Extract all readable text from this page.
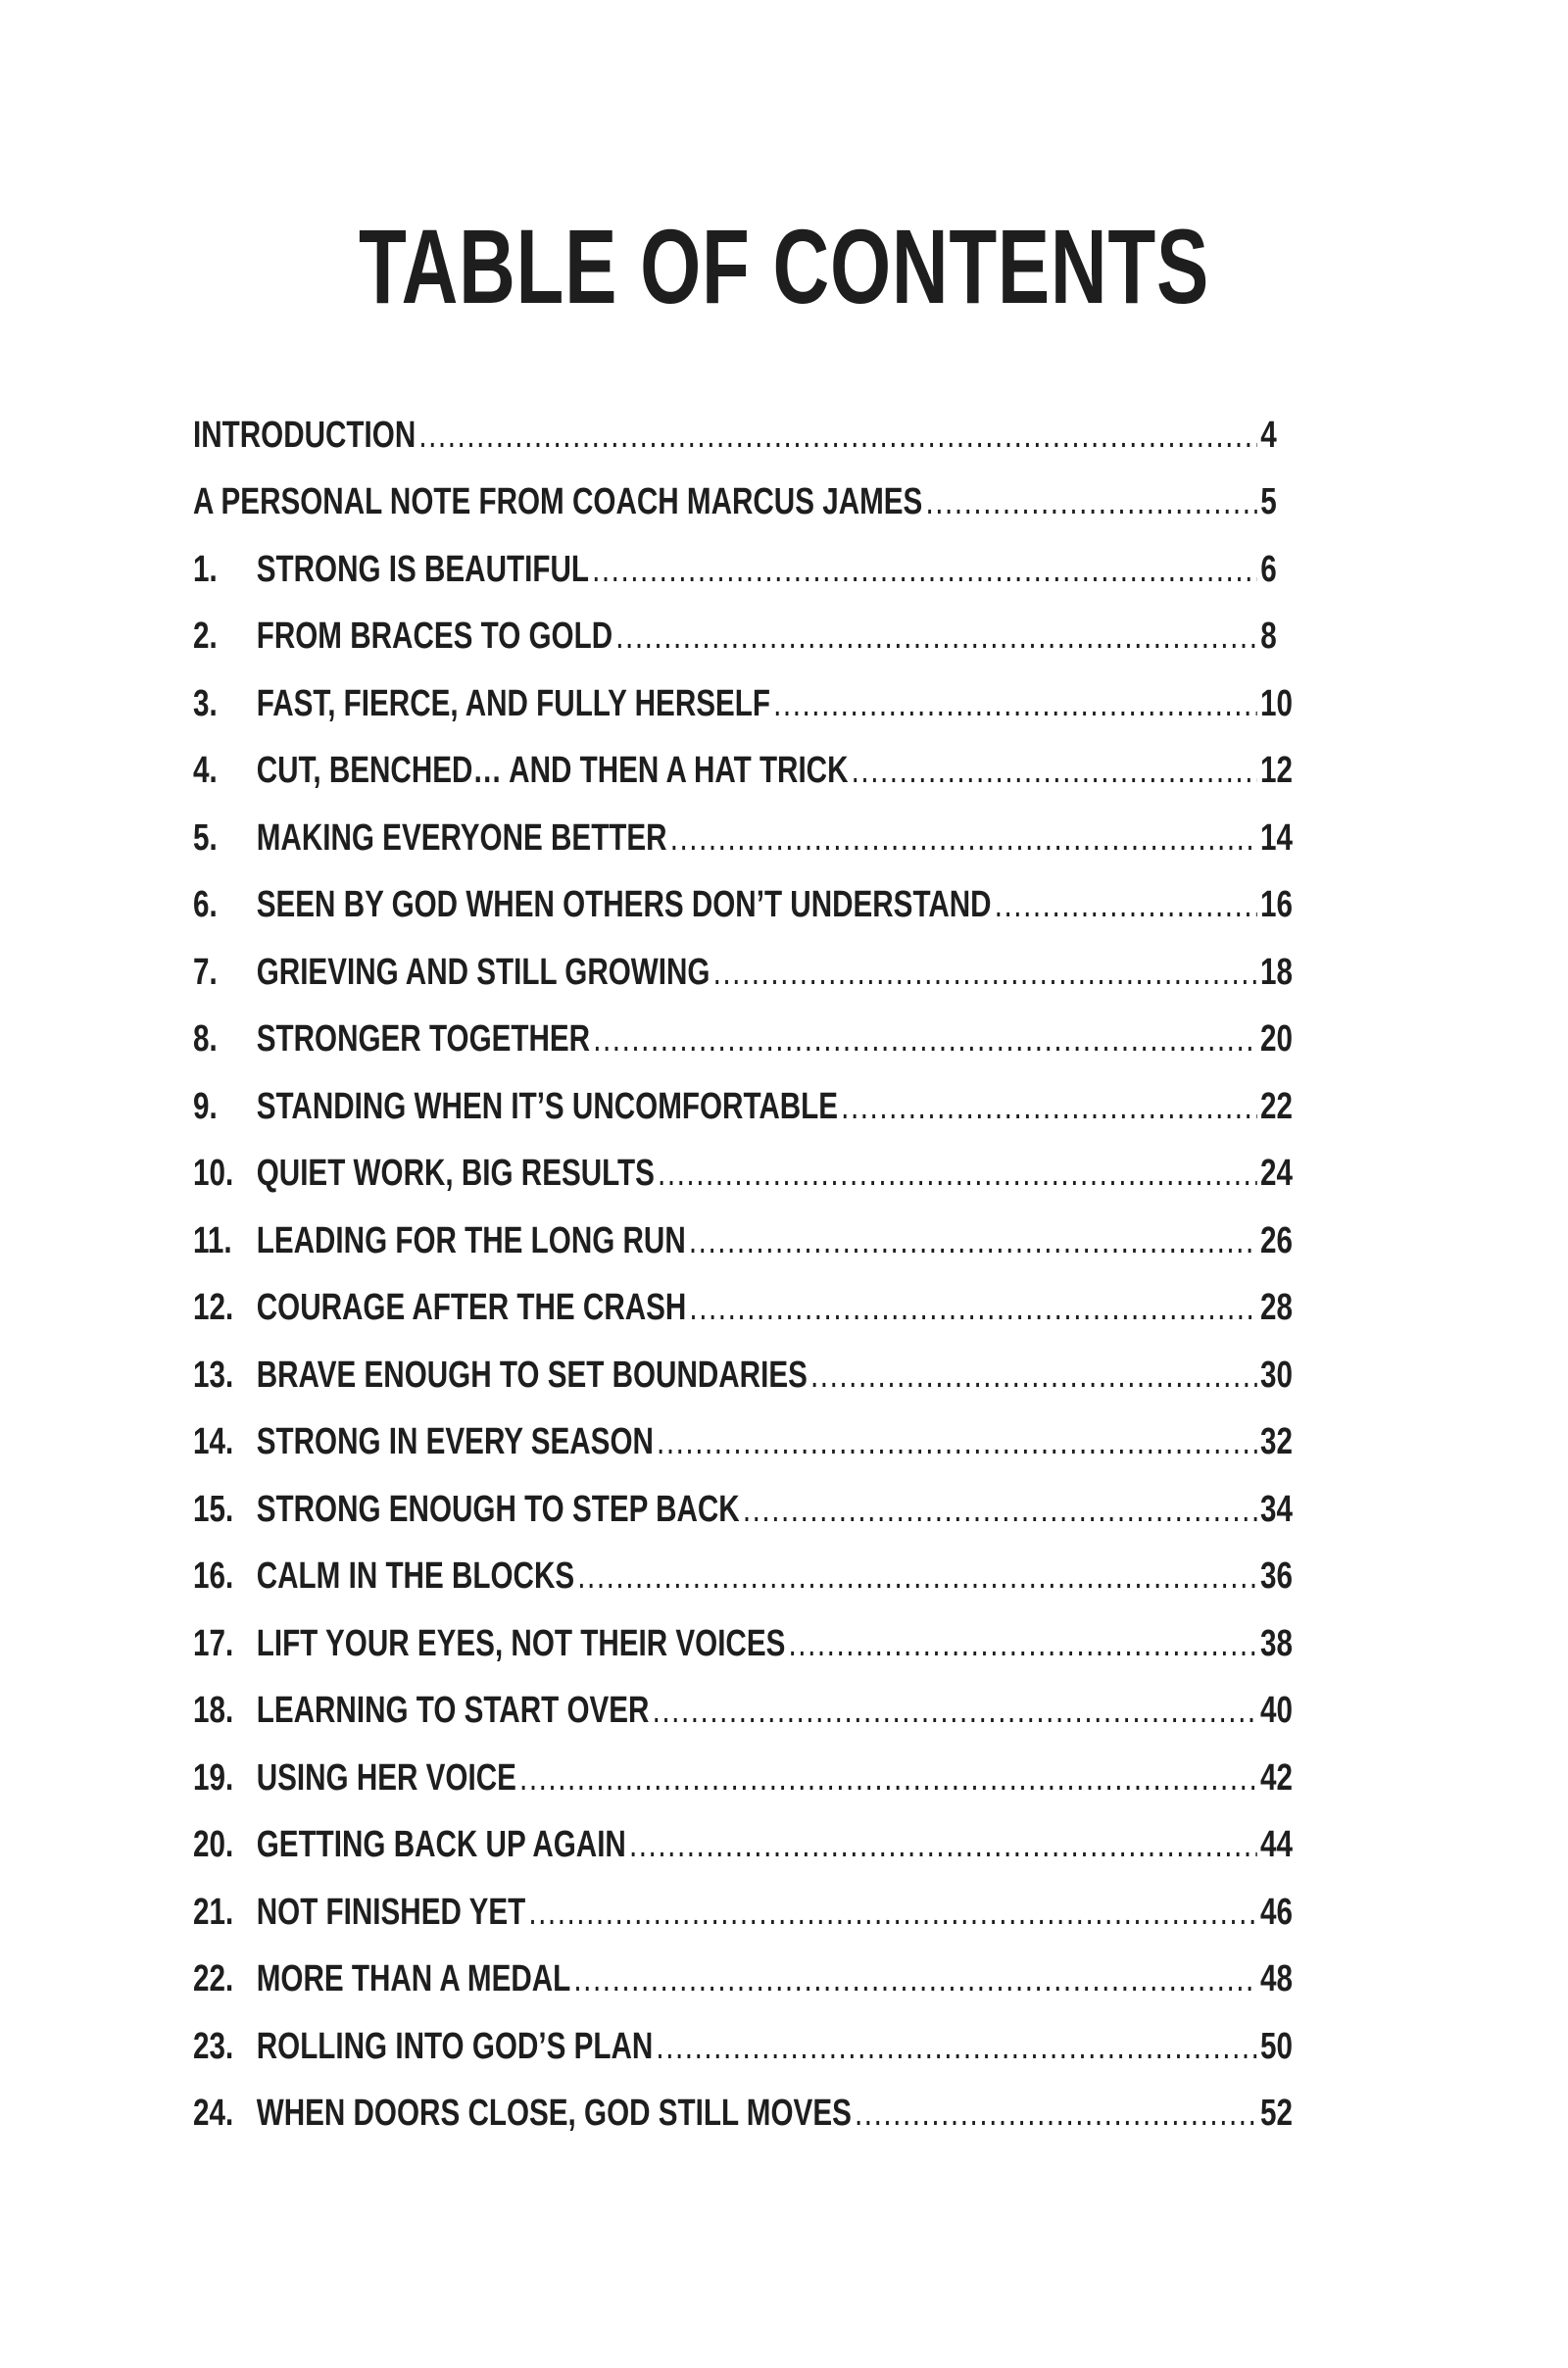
TABLE OF CONTENTS
INTRODUCTION .....	4
A PERSONAL NOTE FROM COACH MARCUS JAMES .....	5
1.	STRONG IS BEAUTIFUL .....	6
2.	FROM BRACES TO GOLD .....	8
3.	FAST, FIERCE, AND FULLY HERSELF .....	10
4.	CUT, BENCHED… AND THEN A HAT TRICK .....	12
5.	MAKING EVERYONE BETTER .....	14
6.	SEEN BY GOD WHEN OTHERS DON’T UNDERSTAND .....	16
7.	GRIEVING AND STILL GROWING .....	18
8.	STRONGER TOGETHER .....	20
9.	STANDING WHEN IT’S UNCOMFORTABLE .....	22
10. QUIET WORK, BIG RESULTS .....	24
11. LEADING FOR THE LONG RUN .....	26
12. COURAGE AFTER THE CRASH .....	28
13. BRAVE ENOUGH TO SET BOUNDARIES .....	30
14. STRONG IN EVERY SEASON .....	32
15. STRONG ENOUGH TO STEP BACK .....	34
16. CALM IN THE BLOCKS .....	36
17. LIFT YOUR EYES, NOT THEIR VOICES .....	38
18. LEARNING TO START OVER .....	40
19. USING HER VOICE .....	42
20. GETTING BACK UP AGAIN .....	44
21. NOT FINISHED YET .....	46
22. MORE THAN A MEDAL .....	48
23. ROLLING INTO GOD’S PLAN .....	50
24. WHEN DOORS CLOSE, GOD STILL MOVES .....	52
